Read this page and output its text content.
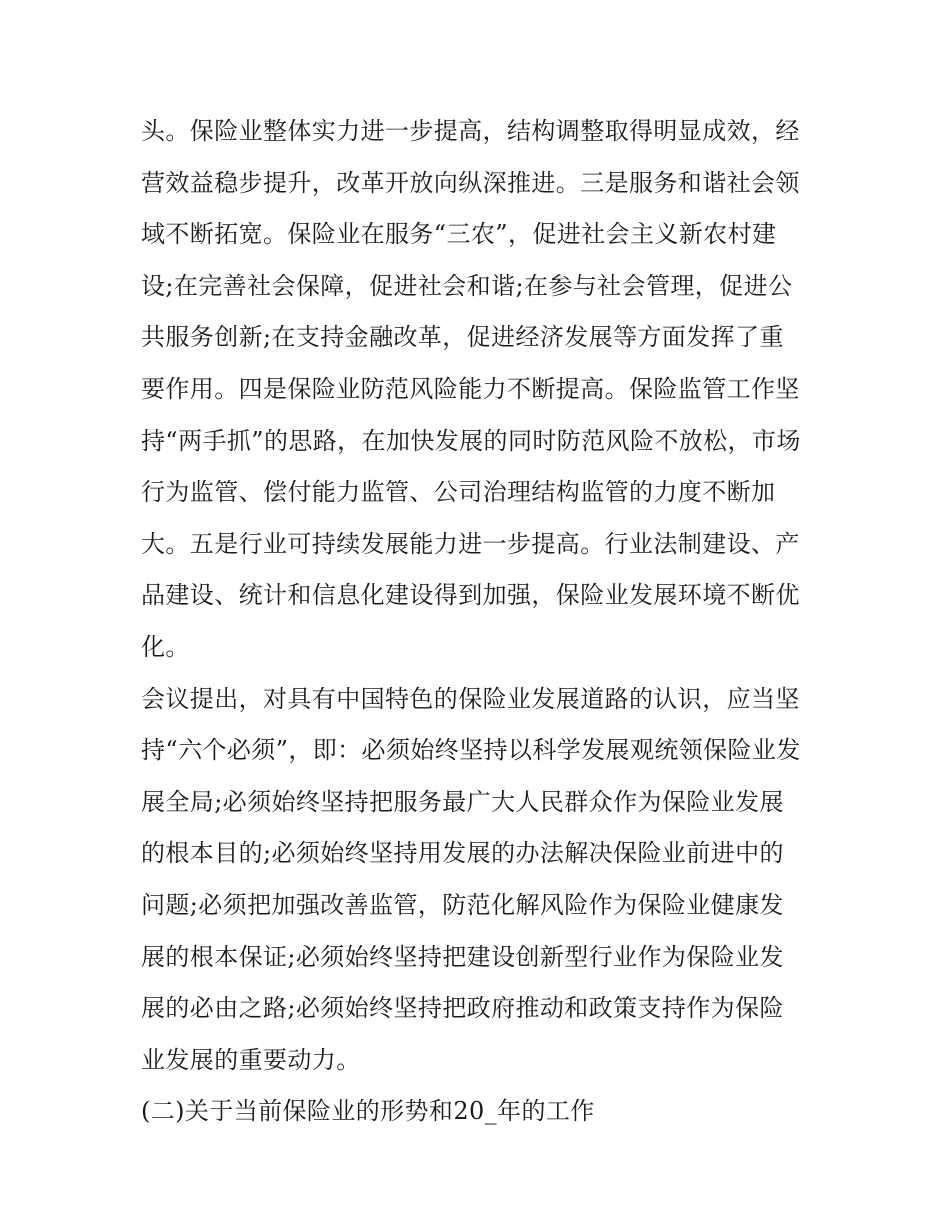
头。保险业整体实力进一步提高，结构调整取得明显成效，经
营效益稳步提升，改革开放向纵深推进。三是服务和谐社会领
域不断拓宽。保险业在服务“三农”，促进社会主义新农村建
设;在完善社会保障，促进社会和谐;在参与社会管理，促进公
共服务创新;在支持金融改革，促进经济发展等方面发挥了重
要作用。四是保险业防范风险能力不断提高。保险监管工作坚
持“两手抓”的思路，在加快发展的同时防范风险不放松，市场
行为监管、偿付能力监管、公司治理结构监管的力度不断加
大。五是行业可持续发展能力进一步提高。行业法制建设、产
品建设、统计和信息化建设得到加强，保险业发展环境不断优
化。
会议提出，对具有中国特色的保险业发展道路的认识，应当坚
持“六个必须”，即：必须始终坚持以科学发展观统领保险业发
展全局;必须始终坚持把服务最广大人民群众作为保险业发展
的根本目的;必须始终坚持用发展的办法解决保险业前进中的
问题;必须把加强改善监管，防范化解风险作为保险业健康发
展的根本保证;必须始终坚持把建设创新型行业作为保险业发
展的必由之路;必须始终坚持把政府推动和政策支持作为保险
业发展的重要动力。
(二)关于当前保险业的形势和20_年的工作
